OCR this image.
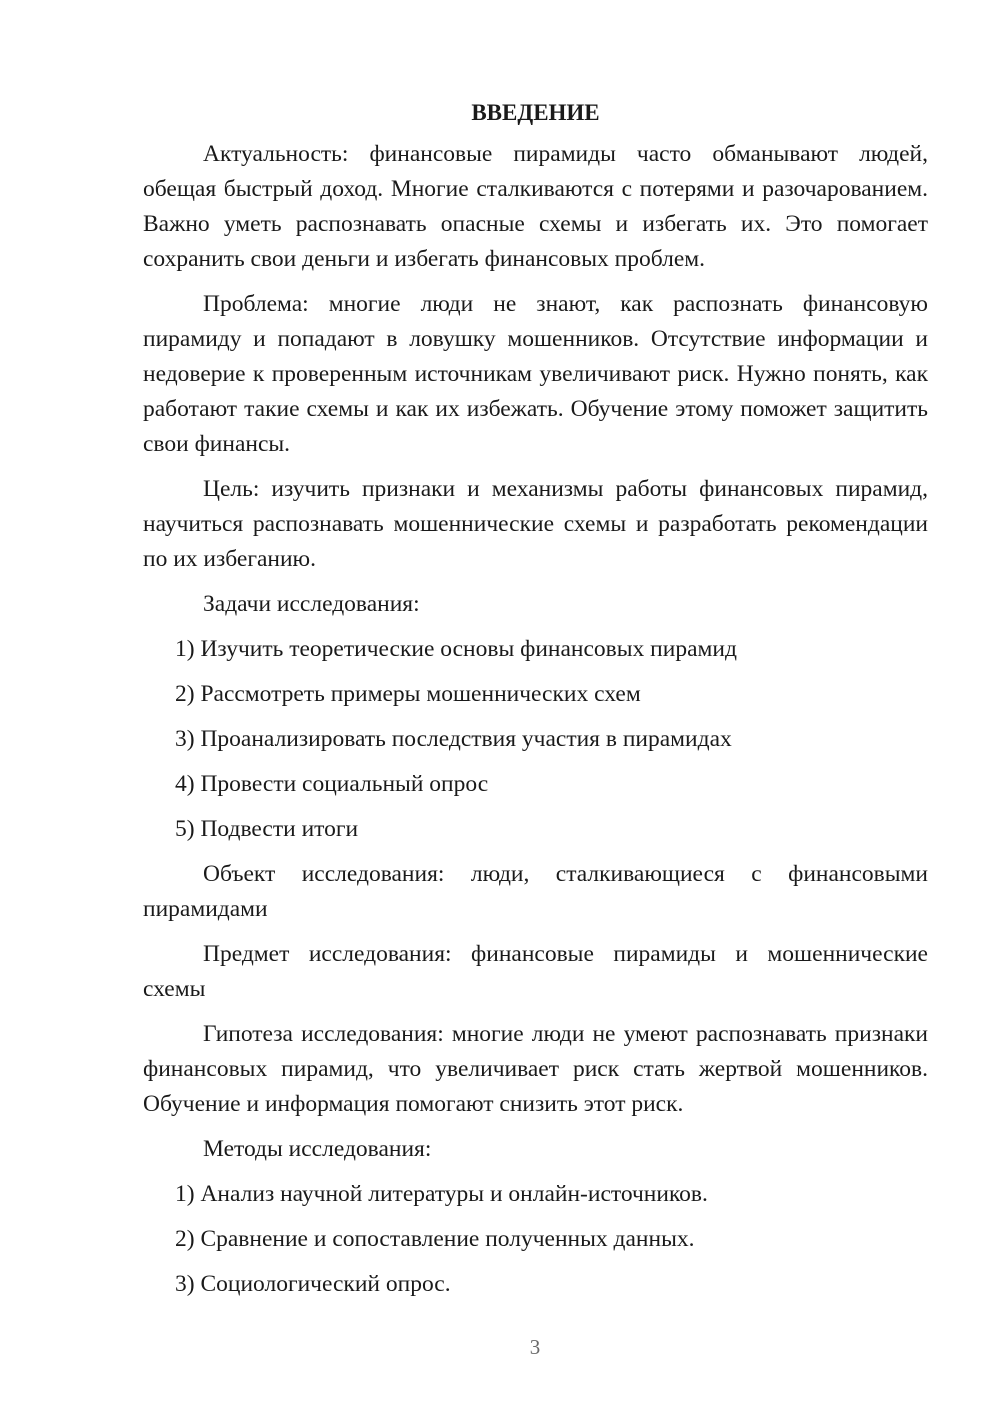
ВВЕДЕНИЕ

Актуальность: финансовые пирамиды часто обманывают людей, обещая быстрый доход. Многие сталкиваются с потерями и разочарованием. Важно уметь распознавать опасные схемы и избегать их. Это помогает сохранить свои деньги и избегать финансовых проблем.

Проблема: многие люди не знают, как распознать финансовую пирамиду и попадают в ловушку мошенников. Отсутствие информации и недоверие к проверенным источникам увеличивают риск. Нужно понять, как работают такие схемы и как их избежать. Обучение этому поможет защитить свои финансы.

Цель: изучить признаки и механизмы работы финансовых пирамид, научиться распознавать мошеннические схемы и разработать рекомендации по их избеганию.

Задачи исследования:

1) Изучить теоретические основы финансовых пирамид

2) Рассмотреть примеры мошеннических схем

3) Проанализировать последствия участия в пирамидах

4) Провести социальный опрос

5) Подвести итоги

Объект исследования: люди, сталкивающиеся с финансовыми пирамидами

Предмет исследования: финансовые пирамиды и мошеннические схемы

Гипотеза исследования: многие люди не умеют распознавать признаки финансовых пирамид, что увеличивает риск стать жертвой мошенников. Обучение и информация помогают снизить этот риск.

Методы исследования:

1) Анализ научной литературы и онлайн-источников.

2) Сравнение и сопоставление полученных данных.

3) Социологический опрос.

3
